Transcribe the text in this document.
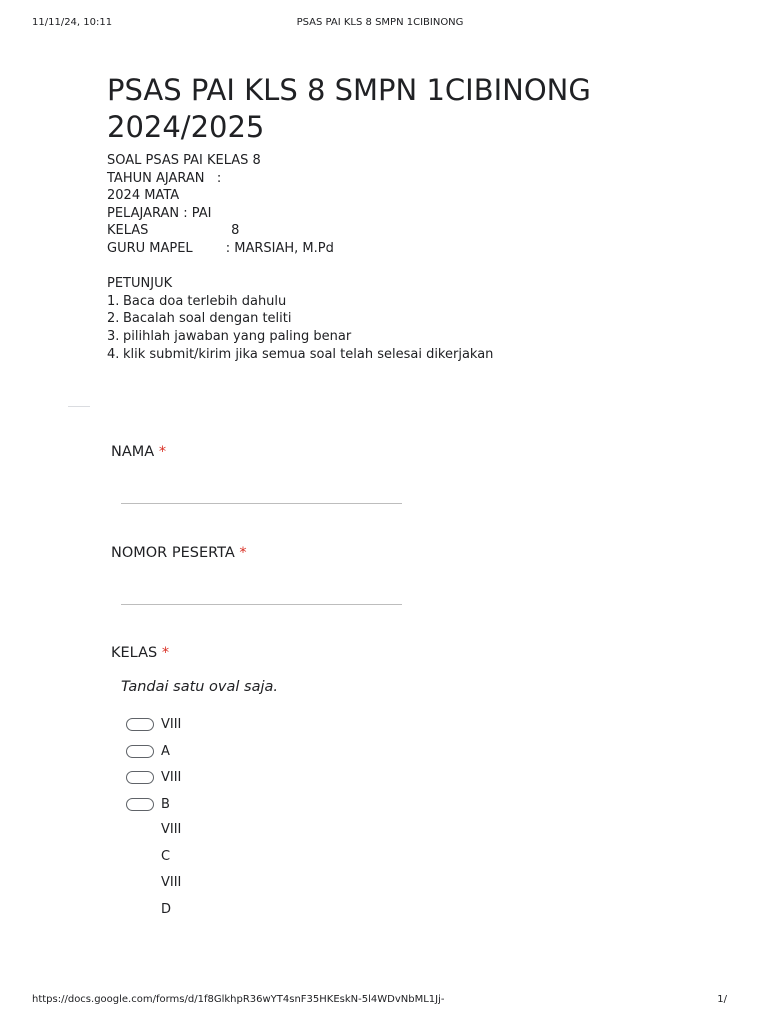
11/11/24, 10:11	PSAS PAI KLS 8 SMPN 1CIBINONG
PSAS PAI KLS 8 SMPN 1CIBINONG
2024/2025
SOAL PSAS PAI KELAS 8
TAHUN AJARAN   :
2024 MATA
PELAJARAN : PAI
KELAS                    8
GURU MAPEL        : MARSIAH, M.Pd
PETUNJUK
1. Baca doa terlebih dahulu
2. Bacalah soal dengan teliti
3. pilihlah jawaban yang paling benar
4. klik submit/kirim jika semua soal telah selesai dikerjakan
NAMA *
NOMOR PESERTA *
KELAS *
Tandai satu oval saja.
VIII
A
VIII
B
VIII
C
VIII
D
https://docs.google.com/forms/d/1f8GlkhpR36wYT4snF35HKEskN-5l4WDvNbML1Jj-	1/
